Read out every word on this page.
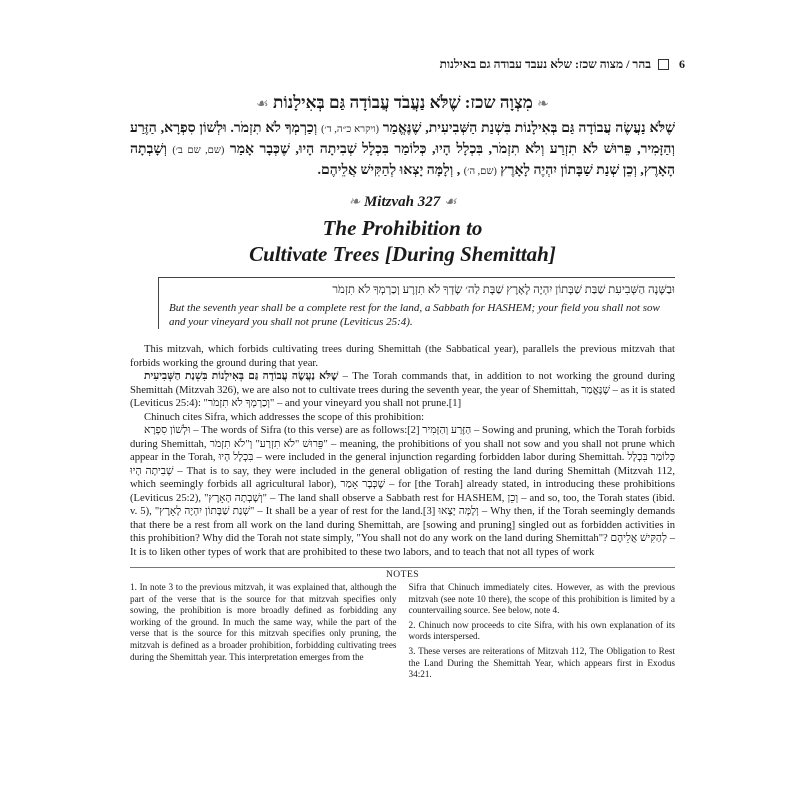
6
בהר / מצוה שכז: שלא נעבד עבודה גם באילנות
❧ מִצְוָה שכז: שֶׁלֹּא נַעֲבֹד עֲבוֹדָה גַּם בְּאִילָנוֹת ☙
שֶׁלֹּא נַעֲשֶׂה עֲבוֹדָה גַּם בְּאִילָנוֹת בִּשְׁנַת הַשְּׁבִיעִית, שֶׁנֶּאֱמַר (ויקרא כ״ה, ד׳) וְכַרְמְךָ לֹא תִזְמֹר. וּלְשׁוֹן סִפְרָא, הַזֶּרַע וְהַזָּמִיר, פֵּרוּשׁ לֹא תִזְרַע וְלֹא תִזְמֹר, בִּכְלָל הָיוּ, כְּלוֹמַר בִּכְלָל שְׁבִיתָה הָיוּ, שֶׁכְּבָר אָמַר (שם, שם ב׳) וְשָׁבְתָה הָאָרֶץ, וְכֵן שְׁנַת שַׁבָּתוֹן יִהְיֶה לָאָרֶץ (שם, ה׳) , וְלָמָּה יָצְאוּ לְהַקִּישׁ אֲלֵיהֶם.
❧ Mitzvah 327 ☙
The Prohibition to
Cultivate Trees [During Shemittah]
וּבַשָּׁנָה הַשְּׁבִיעִת שַׁבַּת שַׁבָּתוֹן יִהְיֶה לָאָרֶץ שַׁבָּת לַה׳ שָׂדְךָ לֹא תִזְרָע וְכַרְמְךָ לֹא תִזְמֹר
But the seventh year shall be a complete rest for the land, a Sabbath for HASHEM; your field you shall not sow and your vineyard you shall not prune (Leviticus 25:4).

This mitzvah, which forbids cultivating trees during Shemittah (the Sabbatical year), parallels the previous mitzvah that forbids working the ground during that year.

שֶׁלֹּא נַעֲשֶׂה עֲבוֹדָה גַּם בְּאִילָנוֹת בִּשְׁנַת הַשְּׁבִיעִית – The Torah commands that, in addition to not working the ground during Shemittah (Mitzvah 326), we are also not to cultivate trees during the seventh year, the year of Shemittah, שֶׁנֶּאֱמַר – as it is stated (Leviticus 25:4): "וְכַרְמְךָ לֹא תִזְמֹר" – and your vineyard you shall not prune.[1]

Chinuch cites Sifra, which addresses the scope of this prohibition:

וּלְשׁוֹן סִפְרָא – The words of Sifra (to this verse) are as follows:[2] הַזֶּרַע וְהַזָּמִיר – Sowing and pruning, which the Torah forbids during Shemittah, פֵּרוּשׁ "לֹא תִזְרַע" וְ"לֹא תִזְמֹר" – meaning, the prohibitions of you shall not sow and you shall not prune which appear in the Torah, בִּכְלָל הָיוּ – were included in the general injunction regarding forbidden labor during Shemittah. כְּלוֹמַר בִּכְלָל שְׁבִיתָה הָיוּ – That is to say, they were included in the general obligation of resting the land during Shemittah (Mitzvah 112, which seemingly forbids all agricultural labor), שֶׁכְּבָר אָמַר – for [the Torah] already stated, in introducing these prohibitions (Leviticus 25:2), "וְשָׁבְתָה הָאָרֶץ" – The land shall observe a Sabbath rest for HASHEM, וְכֵן – and so, too, the Torah states (ibid. v. 5), "שְׁנַת שַׁבָּתוֹן יִהְיֶה לָאָרֶץ" – It shall be a year of rest for the land.[3] וְלָמָּה יָצְאוּ – Why then, if the Torah seemingly demands that there be a rest from all work on the land during Shemittah, are [sowing and pruning] singled out as forbidden activities in this prohibition? Why did the Torah not state simply, "You shall not do any work on the land during Shemittah"? לְהַקִּישׁ אֲלֵיהֶם – It is to liken other types of work that are prohibited to these two labors, and to teach that not all types of work

NOTES

1. In note 3 to the previous mitzvah, it was explained that, although the part of the verse that is the source for that mitzvah specifies only sowing, the prohibition is more broadly defined as forbidding any working of the ground. In much the same way, while the part of the verse that is the source for this mitzvah specifies only pruning, the mitzvah is defined as a broader prohibition, forbidding cultivating trees during the Shemittah year. This interpretation emerges from the

Sifra that Chinuch immediately cites. However, as with the previous mitzvah (see note 10 there), the scope of this prohibition is limited by a countervailing source. See below, note 4.

2. Chinuch now proceeds to cite Sifra, with his own explanation of its words interspersed.

3. These verses are reiterations of Mitzvah 112, The Obligation to Rest the Land During the Shemittah Year, which appears first in Exodus 34:21.
